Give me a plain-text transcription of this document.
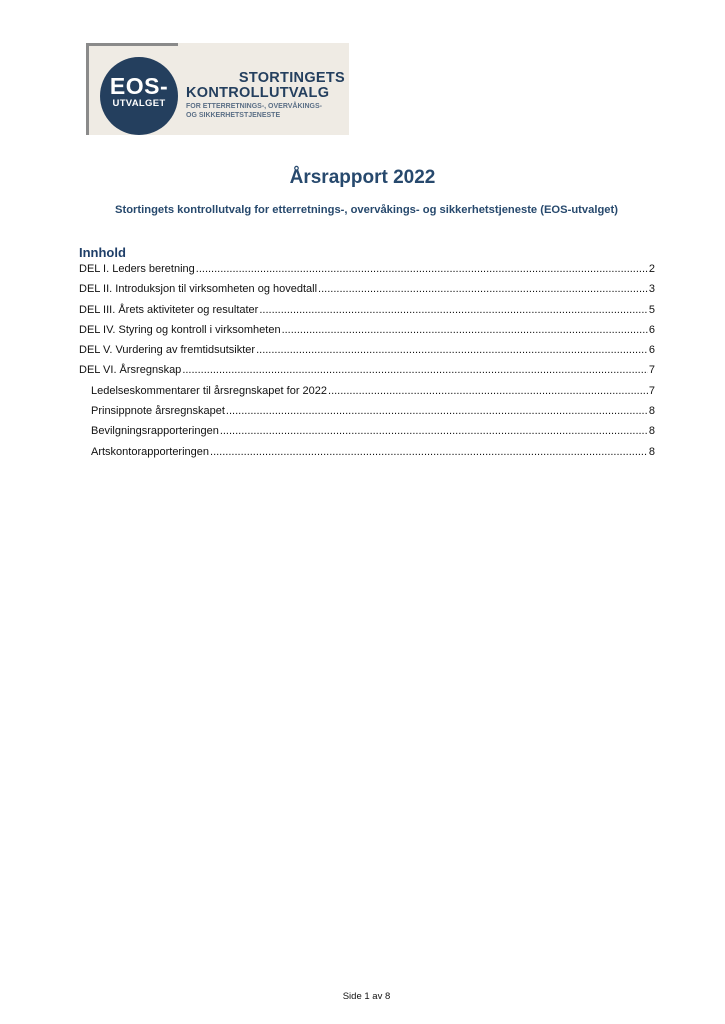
EOS-
UTVALGET
STORTINGETS
KONTROLLUTVALG
FOR ETTERRETNINGS-, OVERVÅKINGS-
OG SIKKERHETSTJENESTE
Årsrapport 2022
Stortingets kontrollutvalg for etterretnings-, overvåkings- og sikkerhetstjeneste (EOS-utvalget)
Innhold
DEL I. Leders beretning .....	2
DEL II. Introduksjon til virksomheten og hovedtall .....	3
DEL III. Årets aktiviteter og resultater .....	5
DEL IV. Styring og kontroll i virksomheten .....	6
DEL V. Vurdering av fremtidsutsikter .....	6
DEL VI. Årsregnskap .....	7
Ledelseskommentarer til årsregnskapet for 2022 .....	7
Prinsippnote årsregnskapet .....	8
Bevilgningsrapporteringen .....	8
Artskontorapporteringen .....	8
Side 1 av 8
